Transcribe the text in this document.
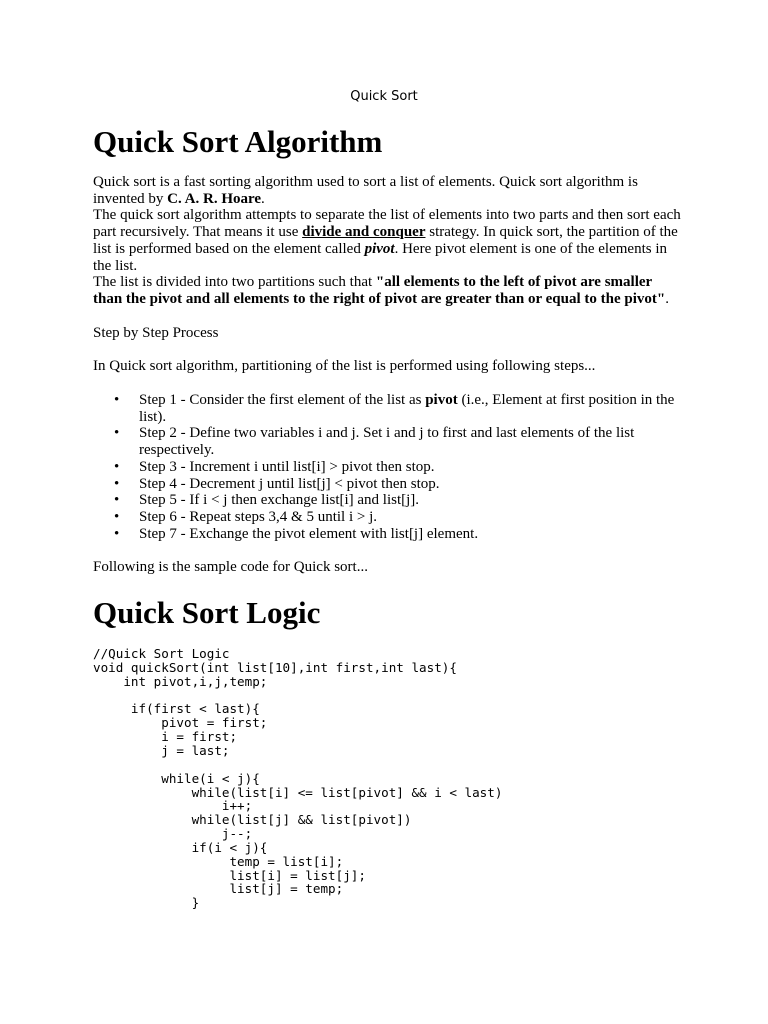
Quick Sort
Quick Sort Algorithm

Quick sort is a fast sorting algorithm used to sort a list of elements. Quick sort algorithm is invented by C. A. R. Hoare.

The quick sort algorithm attempts to separate the list of elements into two parts and then sort each part recursively. That means it use divide and conquer strategy. In quick sort, the partition of the list is performed based on the element called pivot. Here pivot element is one of the elements in the list.

The list is divided into two partitions such that "all elements to the left of pivot are smaller than the pivot and all elements to the right of pivot are greater than or equal to the pivot".

Step by Step Process

In Quick sort algorithm, partitioning of the list is performed using following steps...

• Step 1 - Consider the first element of the list as pivot (i.e., Element at first position in the list).
• Step 2 - Define two variables i and j. Set i and j to first and last elements of the list respectively.
• Step 3 - Increment i until list[i] > pivot then stop.
• Step 4 - Decrement j until list[j] < pivot then stop.
• Step 5 - If i < j then exchange list[i] and list[j].
• Step 6 - Repeat steps 3,4 & 5 until i > j.
• Step 7 - Exchange the pivot element with list[j] element.

Following is the sample code for Quick sort...

Quick Sort Logic
//Quick Sort Logic
void quickSort(int list[10],int first,int last){
int pivot,i,j,temp;

if(first < last){
pivot = first;
i = first;
j = last;

while(i < j){
while(list[i] <= list[pivot] && i < last)
i++;
while(list[j] && list[pivot])
j--;
if(i < j){
temp = list[i];
list[i] = list[j];
list[j] = temp;
}
